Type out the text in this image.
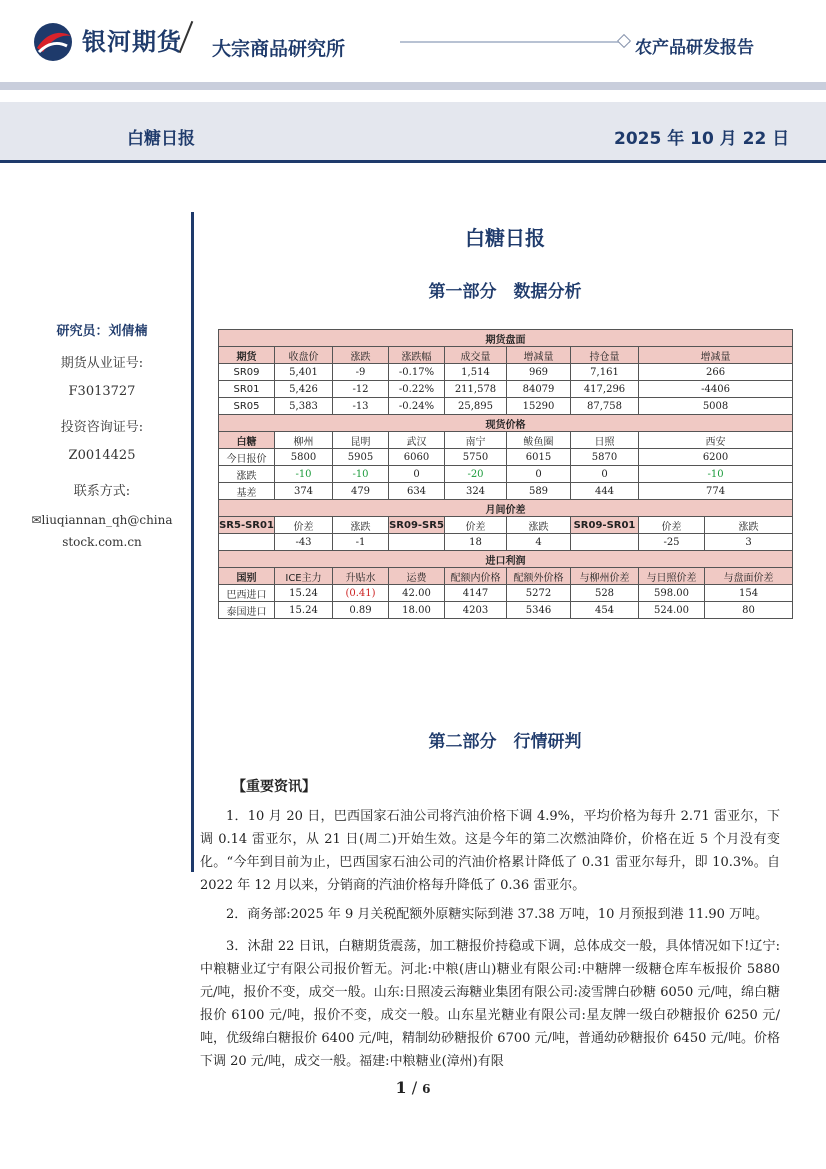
银河期货 大宗商品研究所	农产品研发报告
白糖日报	2025 年 10 月 22 日
研究员：刘倩楠
期货从业证号:
F3013727
投资咨询证号:
Z0014425
联系方式:
✉liuqiannan_qh@china
stock.com.cn
白糖日报
第一部分　数据分析
期货盘面								
期货	收盘价	涨跌	涨跌幅	成交量	增减量	持仓量	增减量	
SR09	5,401	-9	-0.17%	1,514	969	7,161	266	
SR01	5,426	-12	-0.22%	211,578	84079	417,296	-4406	
SR05	5,383	-13	-0.24%	25,895	15290	87,758	5008	
现货价格								
白糖	柳州	昆明	武汉	南宁	鲅鱼圈	日照	西安	
今日报价	5800	5905	6060	5750	6015	5870	6200	
涨跌	-10	-10	0	-20	0	0	-10	
基差	374	479	634	324	589	444	774	
月间价差								
SR5-SR01	价差	涨跌	SR09-SR5	价差	涨跌	SR09-SR01	价差	涨跌
	-43	-1		18	4		-25	3
进口利润								
国别	ICE主力	升贴水	运费	配额内价格	配额外价格	与柳州价差	与日照价差	与盘面价差
巴西进口	15.24	(0.41)	42.00	4147	5272	528	598.00	154
泰国进口	15.24	0.89	18.00	4203	5346	454	524.00	80
第二部分　行情研判
【重要资讯】
1．10 月 20 日，巴西国家石油公司将汽油价格下调 4.9%，平均价格为每升 2.71 雷亚尔，下调 0.14 雷亚尔，从 21 日(周二)开始生效。这是今年的第二次燃油降价，价格在近 5 个月没有变化。“今年到目前为止，巴西国家石油公司的汽油价格累计降低了 0.31 雷亚尔每升，即 10.3%。自 2022 年 12 月以来，分销商的汽油价格每升降低了 0.36 雷亚尔。
2．商务部:2025 年 9 月关税配额外原糖实际到港 37.38 万吨，10 月预报到港 11.90 万吨。
3．沐甜 22 日讯，白糖期货震荡，加工糖报价持稳或下调，总体成交一般，具体情况如下!辽宁:中粮糖业辽宁有限公司报价暂无。河北:中粮(唐山)糖业有限公司:中糖牌一级糖仓库车板报价 5880 元/吨，报价不变，成交一般。山东:日照凌云海糖业集团有限公司:凌雪牌白砂糖 6050 元/吨，绵白糖报价 6100 元/吨，报价不变，成交一般。山东星光糖业有限公司:星友牌一级白砂糖报价 6250 元/吨，优级绵白糖报价 6400 元/吨，精制幼砂糖报价 6700 元/吨，普通幼砂糖报价 6450 元/吨。价格下调 20 元/吨，成交一般。福建:中粮糖业(漳州)有限
1 / 6
